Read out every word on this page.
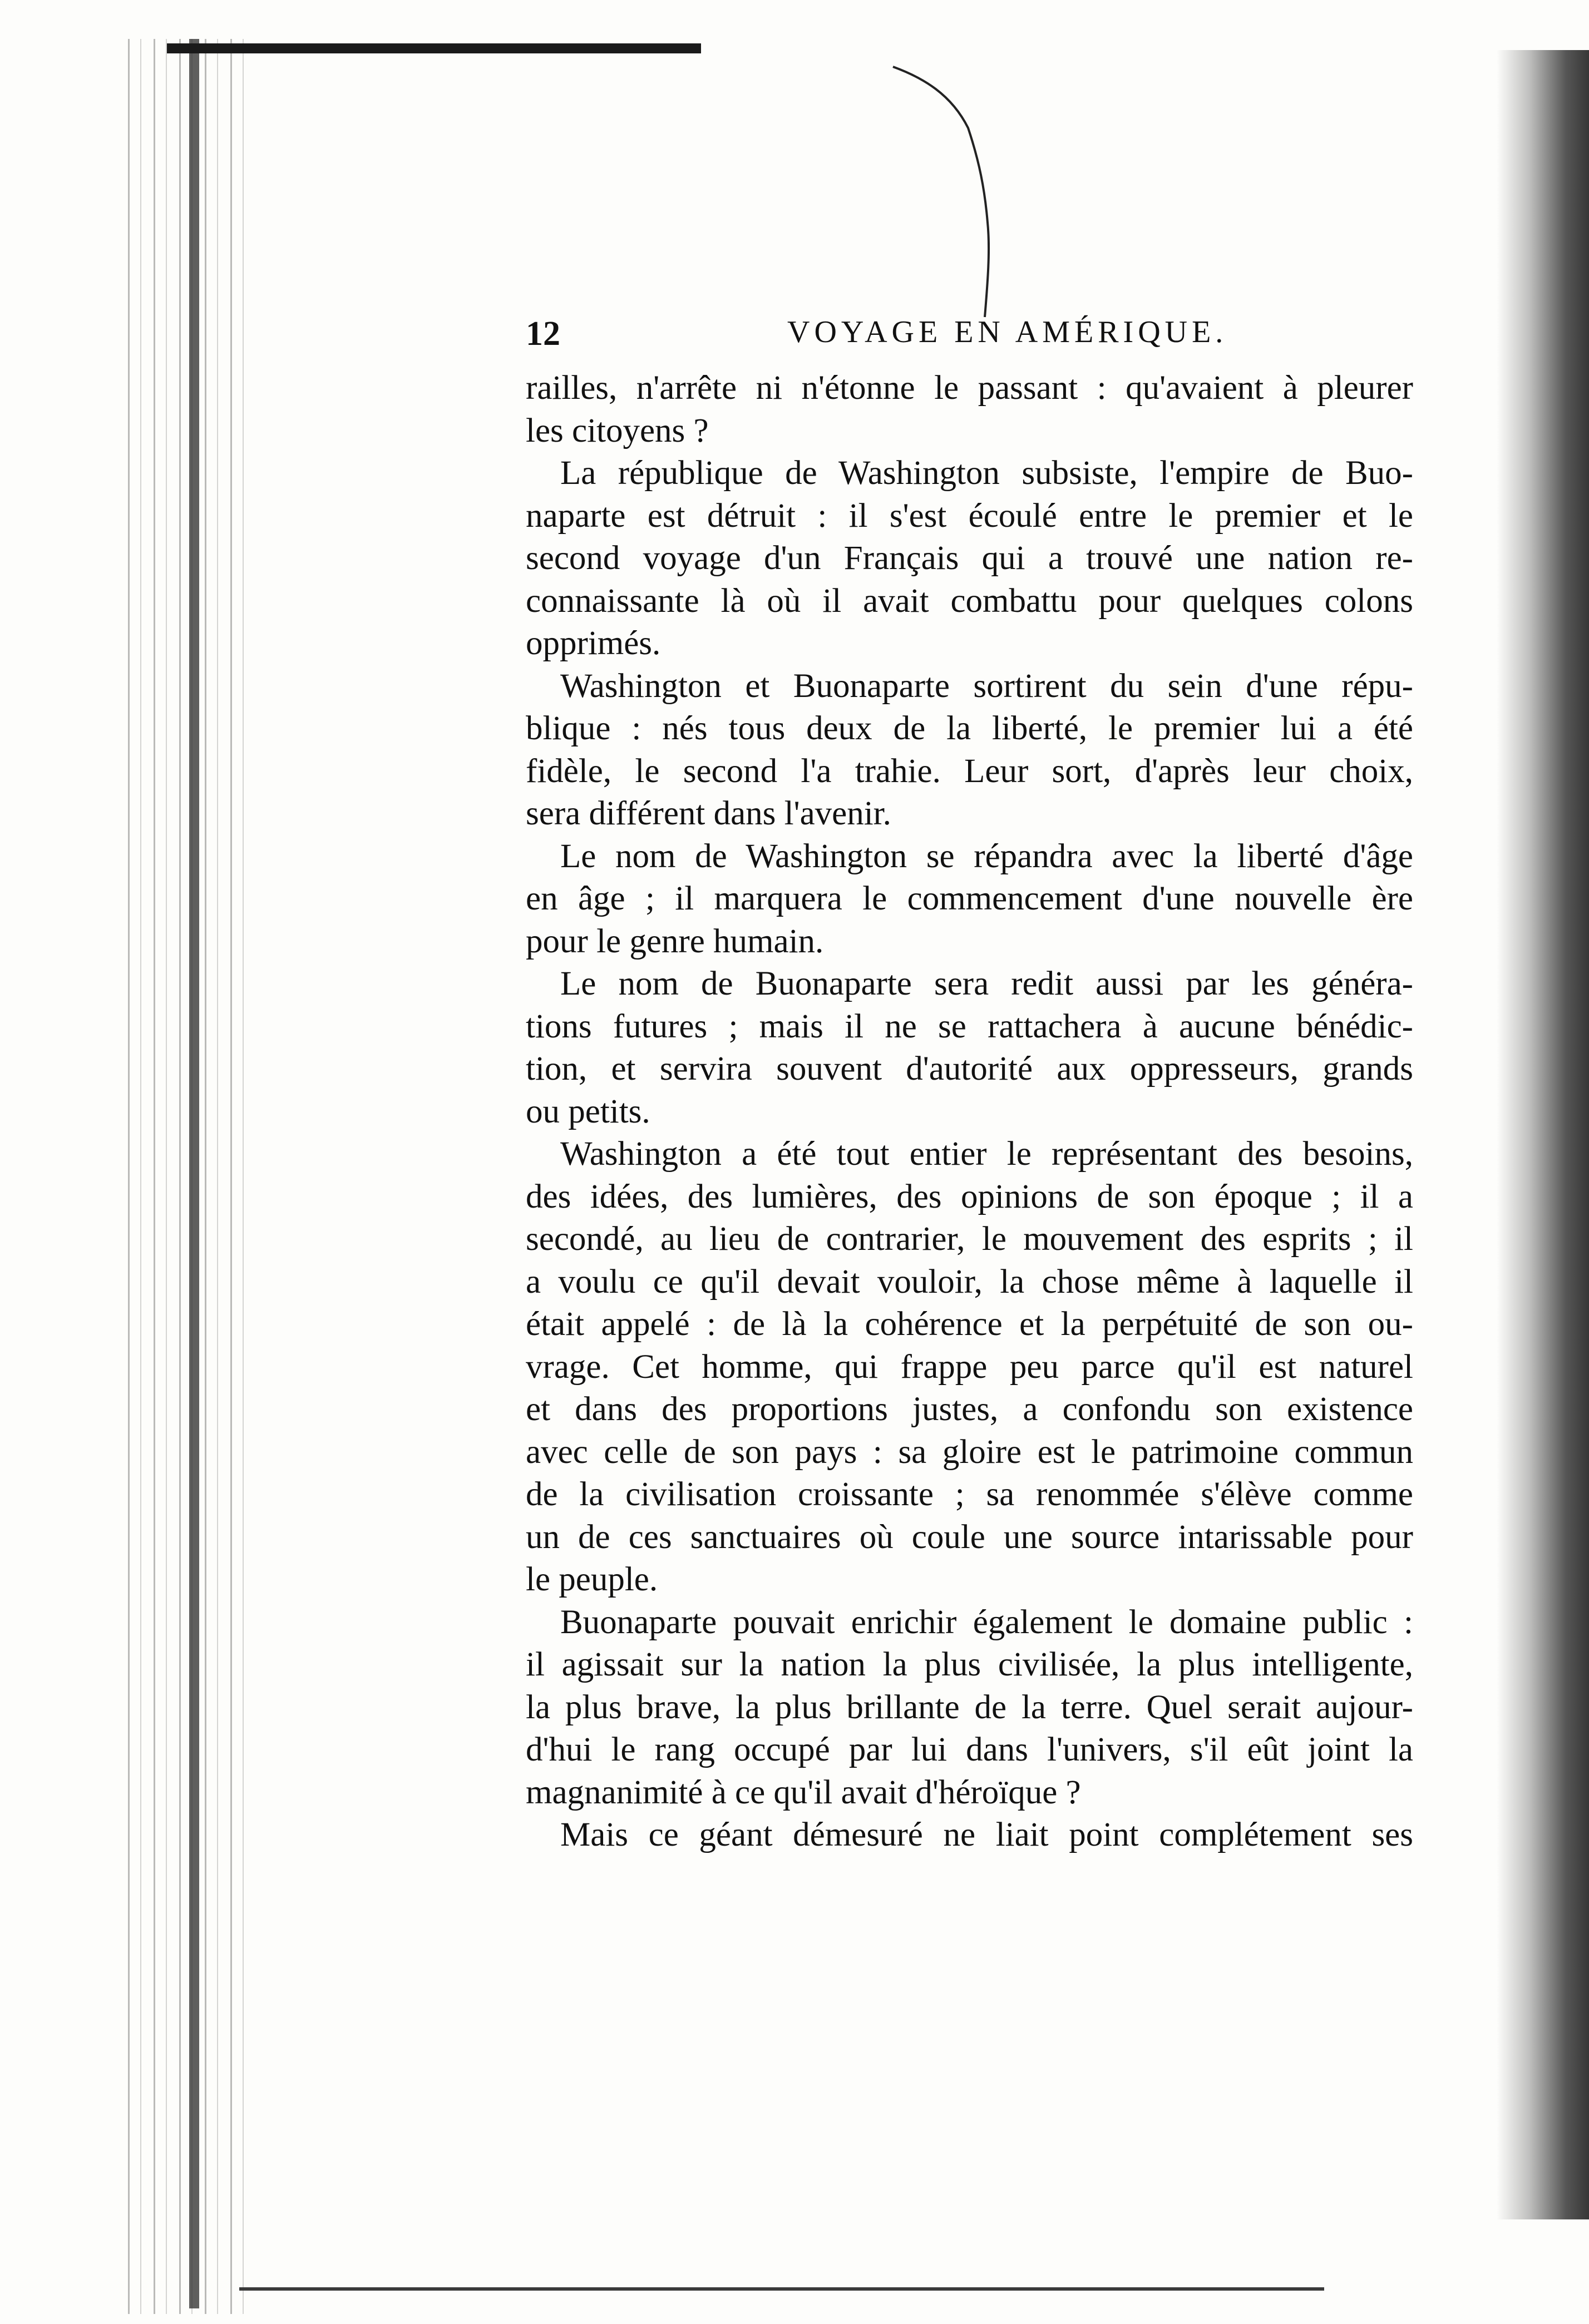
12	VOYAGE EN AMÉRIQUE.
railles, n'arrête ni n'étonne le passant : qu'avaient à pleurer
les citoyens ?
La république de Washington subsiste, l'empire de Buo-
naparte est détruit : il s'est écoulé entre le premier et le
second voyage d'un Français qui a trouvé une nation re-
connaissante là où il avait combattu pour quelques colons
opprimés.
Washington et Buonaparte sortirent du sein d'une répu-
blique : nés tous deux de la liberté, le premier lui a été
fidèle, le second l'a trahie. Leur sort, d'après leur choix,
sera différent dans l'avenir.
Le nom de Washington se répandra avec la liberté d'âge
en âge ; il marquera le commencement d'une nouvelle ère
pour le genre humain.
Le nom de Buonaparte sera redit aussi par les généra-
tions futures ; mais il ne se rattachera à aucune bénédic-
tion, et servira souvent d'autorité aux oppresseurs, grands
ou petits.
Washington a été tout entier le représentant des besoins,
des idées, des lumières, des opinions de son époque ; il a
secondé, au lieu de contrarier, le mouvement des esprits ; il
a voulu ce qu'il devait vouloir, la chose même à laquelle il
était appelé : de là la cohérence et la perpétuité de son ou-
vrage. Cet homme, qui frappe peu parce qu'il est naturel
et dans des proportions justes, a confondu son existence
avec celle de son pays : sa gloire est le patrimoine commun
de la civilisation croissante ; sa renommée s'élève comme
un de ces sanctuaires où coule une source intarissable pour
le peuple.
Buonaparte pouvait enrichir également le domaine public :
il agissait sur la nation la plus civilisée, la plus intelligente,
la plus brave, la plus brillante de la terre. Quel serait aujour-
d'hui le rang occupé par lui dans l'univers, s'il eût joint la
magnanimité à ce qu'il avait d'héroïque ?
Mais ce géant démesuré ne liait point complétement ses
